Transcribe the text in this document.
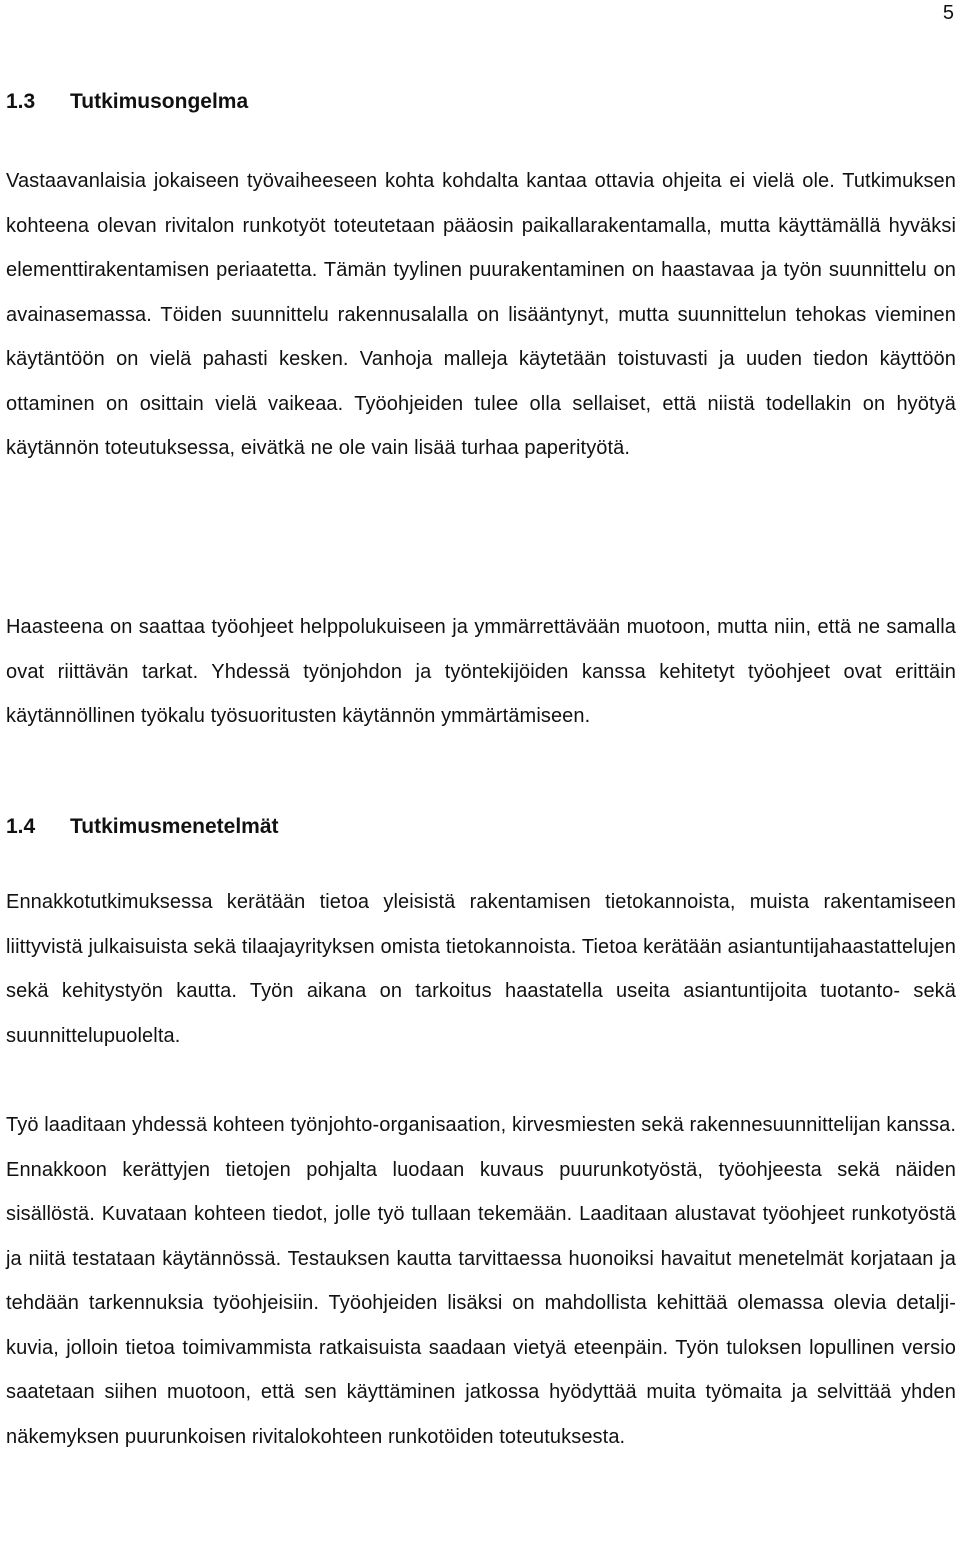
5
1.3	Tutkimusongelma

Vastaavanlaisia jokaiseen työvaiheeseen kohta kohdalta kantaa ottavia ohjeita ei vielä ole. Tutkimuksen kohteena olevan rivitalon runkotyöt toteutetaan pääosin paikallarakentamalla, mutta käyttämällä hyväksi elementtirakentamisen periaatetta. Tämän tyylinen puurakentaminen on haastavaa ja työn suunnittelu on avainasemassa. Töiden suunnittelu rakennusalalla on lisääntynyt, mutta suunnittelun tehokas vieminen käytäntöön on vielä pahasti kesken. Vanhoja malleja käytetään toistuvasti ja uuden tiedon käyttöön ottaminen on osittain vielä vaikeaa. Työohjeiden tulee olla sellaiset, että niistä todellakin on hyötyä käytännön toteutuksessa, eivätkä ne ole vain lisää turhaa paperityötä.

Haasteena on saattaa työohjeet helppolukuiseen ja ymmärrettävään muotoon, mutta niin, että ne samalla ovat riittävän tarkat. Yhdessä työnjohdon ja työntekijöiden kanssa kehitetyt työohjeet ovat erittäin käytännöllinen työkalu työsuoritusten käytännön ymmärtämiseen.

1.4	Tutkimusmenetelmät

Ennakkotutkimuksessa kerätään tietoa yleisistä rakentamisen tietokannoista, muista rakentamiseen liittyvistä julkaisuista sekä tilaajayrityksen omista tietokannoista. Tietoa kerätään asiantuntijahaastattelujen sekä kehitystyön kautta. Työn aikana on tarkoitus haastatella useita asiantuntijoita tuotanto- sekä suunnittelupuolelta.

Työ laaditaan yhdessä kohteen työnjohto-organisaation, kirvesmiesten sekä rakennesuunnittelijan kanssa. Ennakkoon kerättyjen tietojen pohjalta luodaan kuvaus puurunkotyöstä, työohjeesta sekä näiden sisällöstä. Kuvataan kohteen tiedot, jolle työ tullaan tekemään. Laaditaan alustavat työohjeet runkotyöstä ja niitä testataan käytännössä. Testauksen kautta tarvittaessa huonoiksi havaitut menetelmät korjataan ja tehdään tarkennuksia työohjeisiin. Työohjeiden lisäksi on mahdollista kehittää olemassa olevia detalji-kuvia, jolloin tietoa toimivammista ratkaisuista saadaan vietyä eteenpäin. Työn tuloksen lopullinen versio saatetaan siihen muotoon, että sen käyttäminen jatkossa hyödyttää muita työmaita ja selvittää yhden näkemyksen puurunkoisen rivitalokohteen runkotöiden toteutuksesta.
